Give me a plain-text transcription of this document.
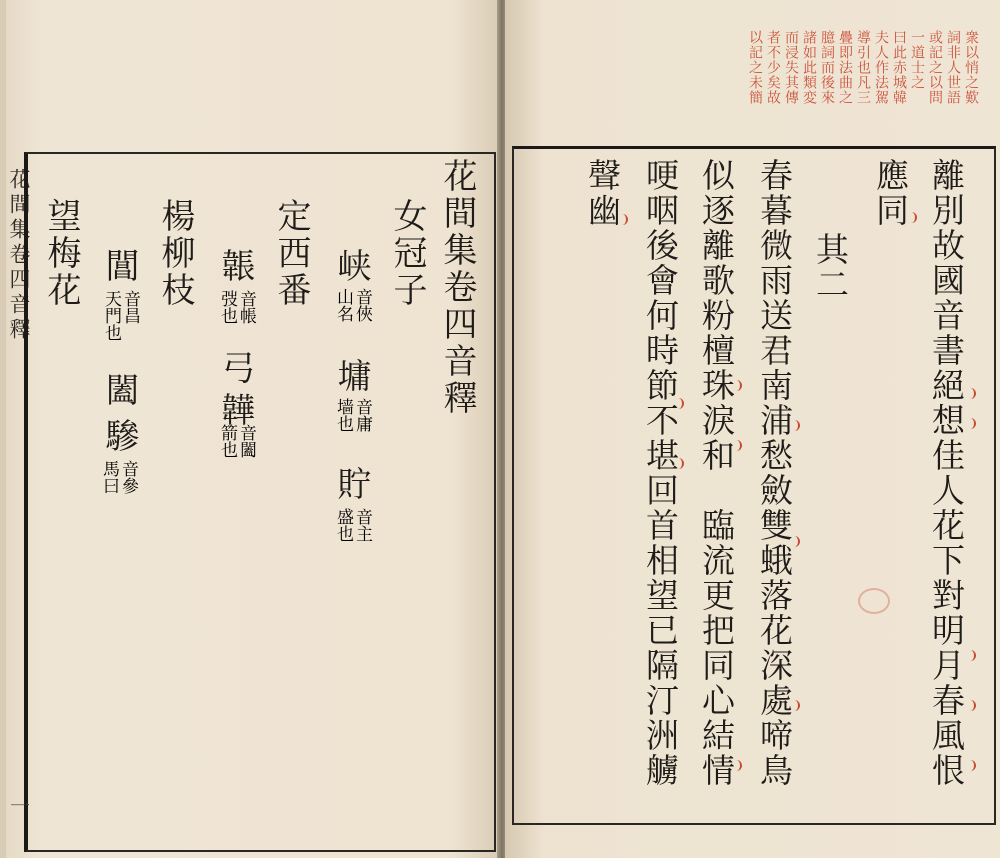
花間集卷四音釋	花間集卷四音釋
女冠子
峡
音俠
山名
墉
音庸
墙也
貯
音主
盛也
定西番
韔
音帳
弢也
弓
韡
音闔
箭也
楊柳枝
閶
音昌
天門也
闔
驂
音參
馬曰
望梅花
一
衆以悄之歎
詞非人世語
或記之以問
一道士之
曰此赤城韓
夫人作法駕
導引也凡三
疊即法曲之
臆詞而後來
諸如此類変
而浸失其傳
者不少矣故
以記之未簡
離別故國音書絕想佳人花下對明月春風恨
應同
其二
春暮微雨送君南浦愁斂雙蛾落花深處啼鳥
似逐離歌粉檀珠淚和　臨流更把同心結情
哽咽後會何時節不堪回首相望已隔汀洲艣
聲幽
